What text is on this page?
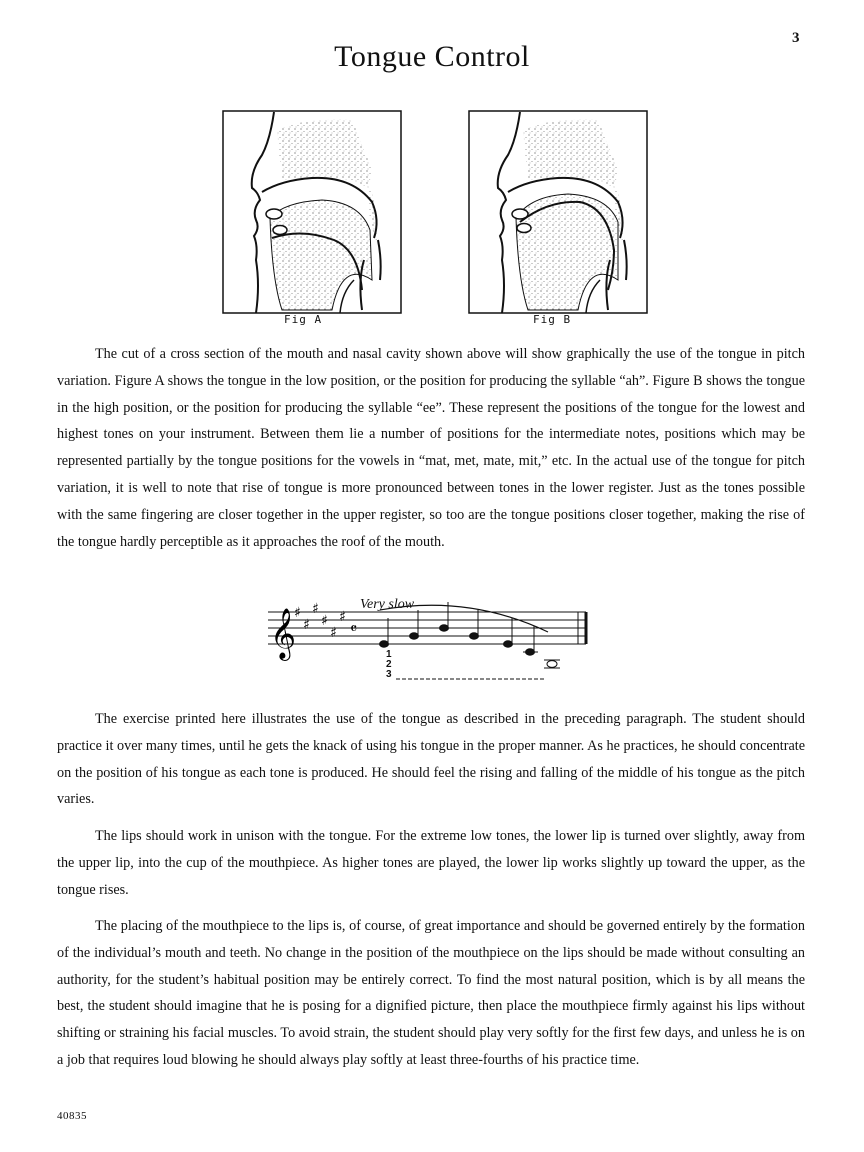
3
Tongue Control
Fig A	Fig B

The cut of a cross section of the mouth and nasal cavity shown above will show graphically the use of the tongue in pitch variation. Figure A shows the tongue in the low position, or the position for producing the syllable “ah”. Figure B shows the tongue in the high position, or the position for producing the syllable “ee”. These represent the positions of the tongue for the lowest and highest tones on your instrument. Between them lie a number of positions for the intermediate notes, positions which may be represented partially by the tongue positions for the vowels in “mat, met, mate, mit,” etc. In the actual use of the tongue for pitch variation, it is well to note that rise of tongue is more pronounced between tones in the lower register. Just as the tones possible with the same fingering are closer together in the upper register, so too are the tongue positions closer together, making the rise of the tongue hardly perceptible as it approaches the roof of the mouth.

Very slow
𝄞
♯
♯
♯
♯
♯
♯
𝄴
1
2
3

The exercise printed here illustrates the use of the tongue as described in the preceding paragraph. The student should practice it over many times, until he gets the knack of using his tongue in the proper manner. As he practices, he should concentrate on the position of his tongue as each tone is produced. He should feel the rising and falling of the middle of his tongue as the pitch varies.

The lips should work in unison with the tongue. For the extreme low tones, the lower lip is turned over slightly, away from the upper lip, into the cup of the mouthpiece. As higher tones are played, the lower lip works slightly up toward the upper, as the tongue rises.

The placing of the mouthpiece to the lips is, of course, of great importance and should be governed entirely by the formation of the individual’s mouth and teeth. No change in the position of the mouthpiece on the lips should be made without consulting an authority, for the student’s habitual position may be entirely correct. To find the most natural position, which is by all means the best, the student should imagine that he is posing for a dignified picture, then place the mouthpiece firmly against his lips without shifting or straining his facial muscles. To avoid strain, the student should play very softly for the first few days, and unless he is on a job that requires loud blowing he should always play softly at least three-fourths of his practice time.

40835
